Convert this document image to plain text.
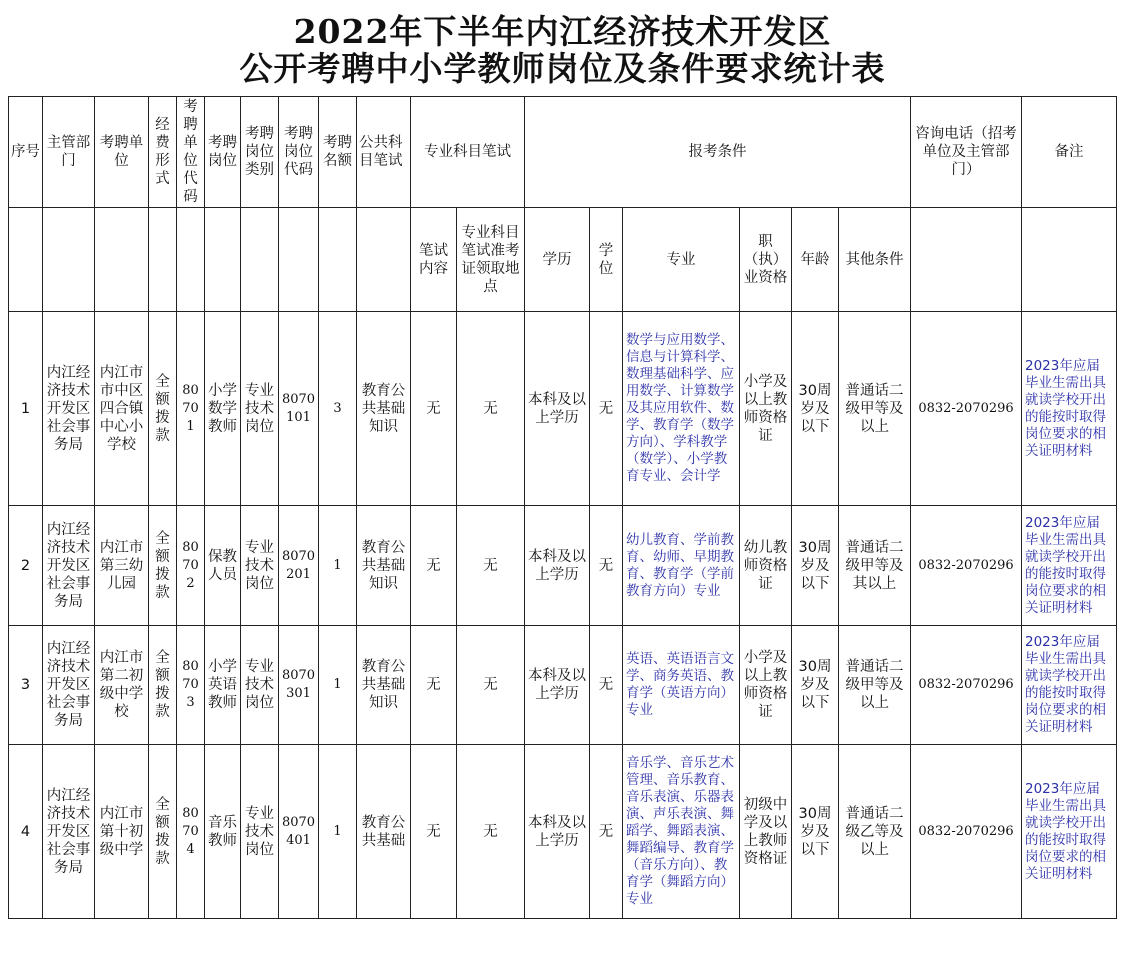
2022年下半年内江经济技术开发区
公开考聘中小学教师岗位及条件要求统计表
序号	主管部门	考聘单位	经费形式	考聘单位代码	考聘岗位	考聘岗位类别	考聘岗位代码	考聘名额	公共科目笔试	专业科目笔试		报考条件						咨询电话（招考单位及主管部门）	备注
										笔试内容	专业科目笔试准考证领取地点	学历	学位	专业	职（执）业资格	年龄	其他条件		
1	内江经济技术开发区社会事务局	内江市市中区四合镇中心小学校	全额拨款	80701	小学数学教师	专业技术岗位	8070101	3	教育公共基础知识	无	无	本科及以上学历	无	数学与应用数学、信息与计算科学、数理基础科学、应用数学、计算数学及其应用软件、数学、教育学（数学方向）、学科教学（数学）、小学教育专业、会计学	小学及以上教师资格证	30周岁及以下	普通话二级甲等及以上	0832-2070296	2023年应届毕业生需出具就读学校开出的能按时取得岗位要求的相关证明材料
2	内江经济技术开发区社会事务局	内江市第三幼儿园	全额拨款	80702	保教人员	专业技术岗位	8070201	1	教育公共基础知识	无	无	本科及以上学历	无	幼儿教育、学前教育、幼师、早期教育、教育学（学前教育方向）专业	幼儿教师资格证	30周岁及以下	普通话二级甲等及其以上	0832-2070296	2023年应届毕业生需出具就读学校开出的能按时取得岗位要求的相关证明材料
3	内江经济技术开发区社会事务局	内江市第二初级中学校	全额拨款	80703	小学英语教师	专业技术岗位	8070301	1	教育公共基础知识	无	无	本科及以上学历	无	英语、英语语言文学、商务英语、教育学（英语方向）专业	小学及以上教师资格证	30周岁及以下	普通话二级甲等及以上	0832-2070296	2023年应届毕业生需出具就读学校开出的能按时取得岗位要求的相关证明材料
4	内江经济技术开发区社会事务局	内江市第十初级中学	全额拨款	80704	音乐教师	专业技术岗位	8070401	1	教育公共基础	无	无	本科及以上学历	无	音乐学、音乐艺术管理、音乐教育、音乐表演、乐器表演、声乐表演、舞蹈学、舞蹈表演、舞蹈编导、教育学（音乐方向）、教育学（舞蹈方向）专业	初级中学及以上教师资格证	30周岁及以下	普通话二级乙等及以上	0832-2070296	2023年应届毕业生需出具就读学校开出的能按时取得岗位要求的相关证明材料
